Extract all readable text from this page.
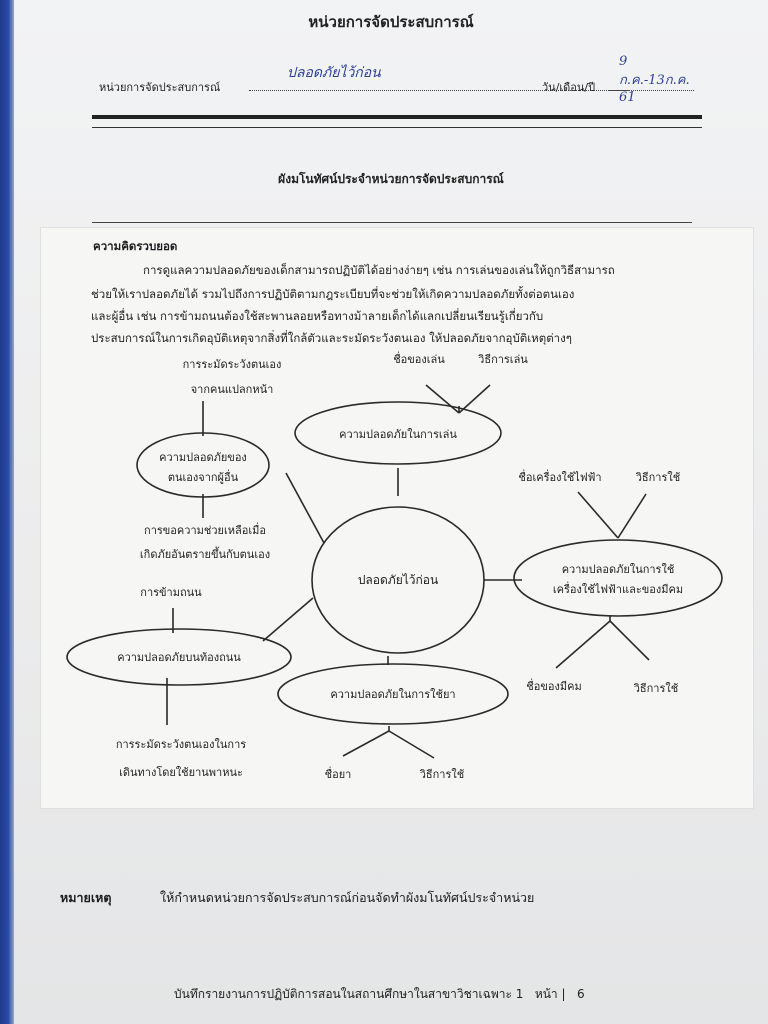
หน่วยการจัดประสบการณ์
หน่วยการจัดประสบการณ์
ปลอดภัยไว้ก่อน
วัน/เดือน/ปี
9 ก.ค.-13ก.ค. 61
ผังมโนทัศน์ประจำหน่วยการจัดประสบการณ์
ความคิดรวบยอด
การดูแลความปลอดภัยของเด็กสามารถปฏิบัติได้อย่างง่ายๆ เช่น การเล่นของเล่นให้ถูกวิธีสามารถ
ช่วยให้เราปลอดภัยได้ รวมไปถึงการปฏิบัติตามกฎระเบียบที่จะช่วยให้เกิดความปลอดภัยทั้งต่อตนเอง
และผู้อื่น เช่น การข้ามถนนต้องใช้สะพานลอยหรือทางม้าลายเด็กได้แลกเปลี่ยนเรียนรู้เกี่ยวกับ
ประสบการณ์ในการเกิดอุบัติเหตุจากสิ่งที่ใกล้ตัวและระมัดระวังตนเอง ให้ปลอดภัยจากอุบัติเหตุต่างๆ
ปลอดภัยไว้ก่อน
ความปลอดภัยในการเล่น
ชื่อของเล่น	วิธีการเล่น
ความปลอดภัยของ
ตนเองจากผู้อื่น
การระมัดระวังตนเอง
จากคนแปลกหน้า
การขอความช่วยเหลือเมื่อ
เกิดภัยอันตรายขึ้นกับตนเอง
ความปลอดภัยในการใช้
เครื่องใช้ไฟฟ้าและของมีคม
ชื่อเครื่องใช้ไฟฟ้า	วิธีการใช้
ชื่อของมีคม	วิธีการใช้
ความปลอดภัยบนท้องถนน
การข้ามถนน
การระมัดระวังตนเองในการ
เดินทางโดยใช้ยานพาหนะ
ความปลอดภัยในการใช้ยา
ชื่อยา	วิธีการใช้
หมายเหตุ	ให้กำหนดหน่วยการจัดประสบการณ์ก่อนจัดทำผังมโนทัศน์ประจำหน่วย
บันทึกรายงานการปฏิบัติการสอนในสถานศึกษาในสาขาวิชาเฉพาะ 1 หน้า | 6
